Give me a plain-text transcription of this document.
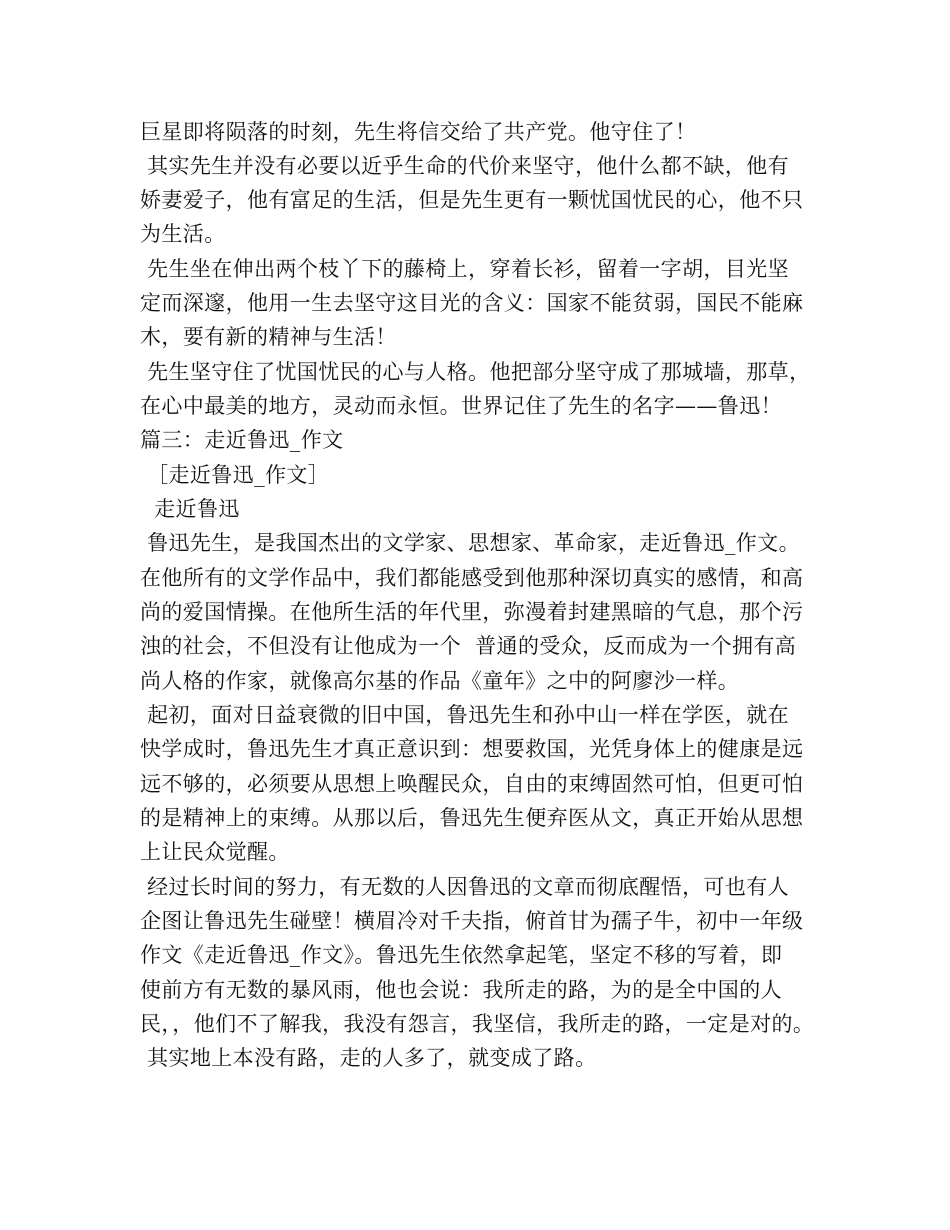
巨星即将陨落的时刻，先生将信交给了共产党。他守住了！
其实先生并没有必要以近乎生命的代价来坚守，他什么都不缺，他有
娇妻爱子，他有富足的生活，但是先生更有一颗忧国忧民的心，他不只
为生活。
先生坐在伸出两个枝丫下的藤椅上，穿着长衫，留着一字胡，目光坚
定而深邃，他用一生去坚守这目光的含义：国家不能贫弱，国民不能麻
木，要有新的精神与生活！
先生坚守住了忧国忧民的心与人格。他把部分坚守成了那城墙，那草，
在心中最美的地方，灵动而永恒。世界记住了先生的名字——鲁迅！
篇三：走近鲁迅_作文
［走近鲁迅_作文］
走近鲁迅
鲁迅先生，是我国杰出的文学家、思想家、革命家，走近鲁迅_作文。
在他所有的文学作品中，我们都能感受到他那种深切真实的感情，和高
尚的爱国情操。在他所生活的年代里，弥漫着封建黑暗的气息，那个污
浊的社会，不但没有让他成为一个  普通的受众，反而成为一个拥有高
尚人格的作家，就像高尔基的作品《童年》之中的阿廖沙一样。
起初，面对日益衰微的旧中国，鲁迅先生和孙中山一样在学医，就在
快学成时，鲁迅先生才真正意识到：想要救国，光凭身体上的健康是远
远不够的，必须要从思想上唤醒民众，自由的束缚固然可怕，但更可怕
的是精神上的束缚。从那以后，鲁迅先生便弃医从文，真正开始从思想
上让民众觉醒。
经过长时间的努力，有无数的人因鲁迅的文章而彻底醒悟，可也有人
企图让鲁迅先生碰壁！横眉冷对千夫指，俯首甘为孺子牛，初中一年级
作文《走近鲁迅_作文》。鲁迅先生依然拿起笔，坚定不移的写着，即
使前方有无数的暴风雨，他也会说：我所走的路，为的是全中国的人
民，，他们不了解我，我没有怨言，我坚信，我所走的路，一定是对的。
其实地上本没有路，走的人多了，就变成了路。
